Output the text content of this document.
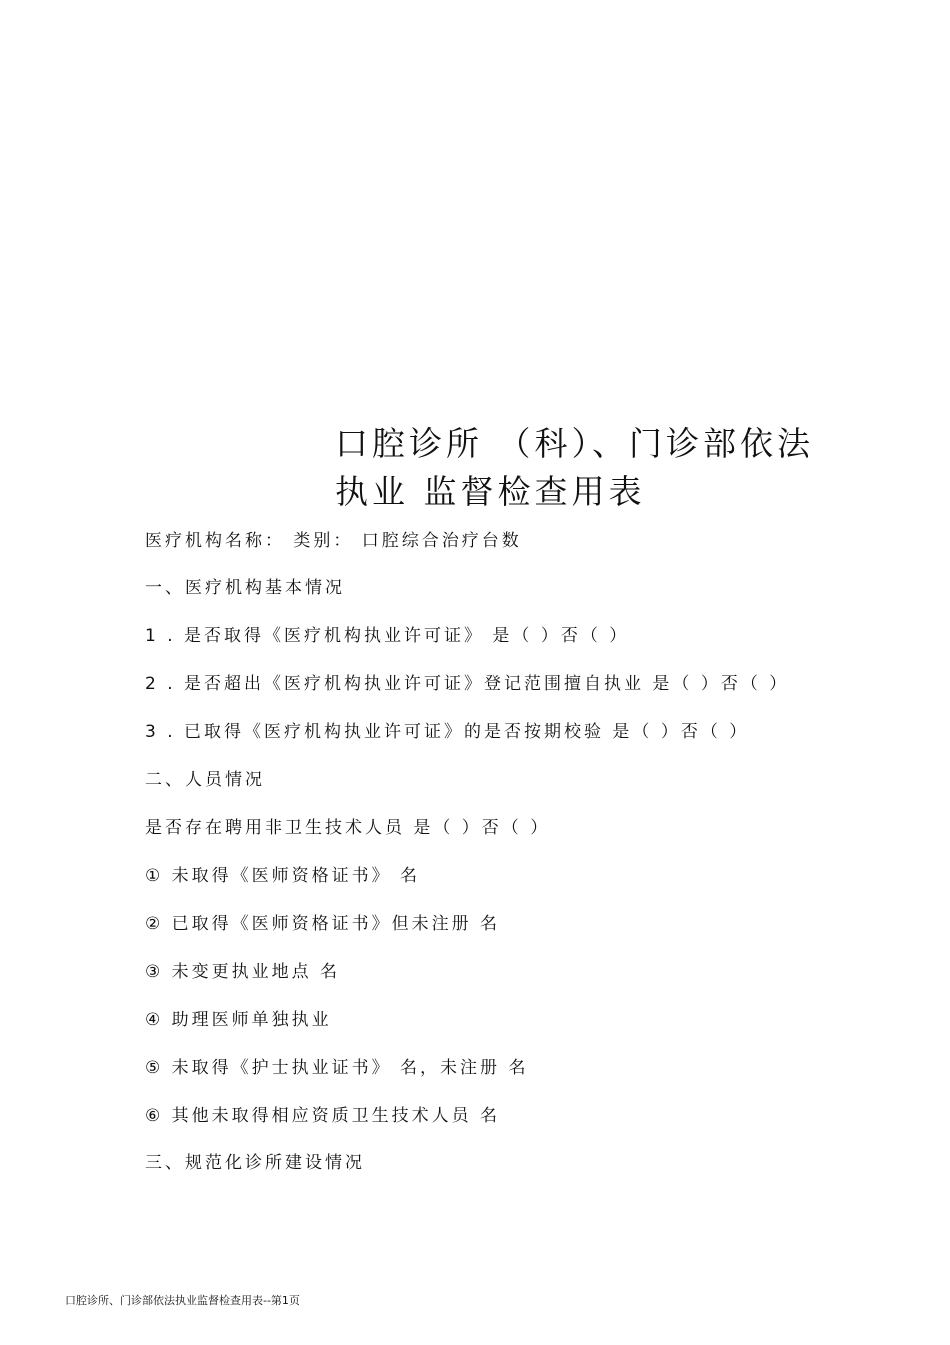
口腔诊所 （科）、门诊部依法
执业 监督检查用表
医疗机构名称： 类别： 口腔综合治疗台数
一、医疗机构基本情况
1 . 是否取得《医疗机构执业许可证》 是（ ）否（ ）
2 . 是否超出《医疗机构执业许可证》登记范围擅自执业 是（ ）否（ ）
3 . 已取得《医疗机构执业许可证》的是否按期校验 是（ ）否（ ）
二、人员情况
是否存在聘用非卫生技术人员 是（ ）否（ ）
① 未取得《医师资格证书》 名
② 已取得《医师资格证书》但未注册 名
③ 未变更执业地点 名
④ 助理医师单独执业
⑤ 未取得《护士执业证书》 名，未注册 名
⑥ 其他未取得相应资质卫生技术人员 名
三、规范化诊所建设情况
口腔诊所、门诊部依法执业监督检查用表--第1页
